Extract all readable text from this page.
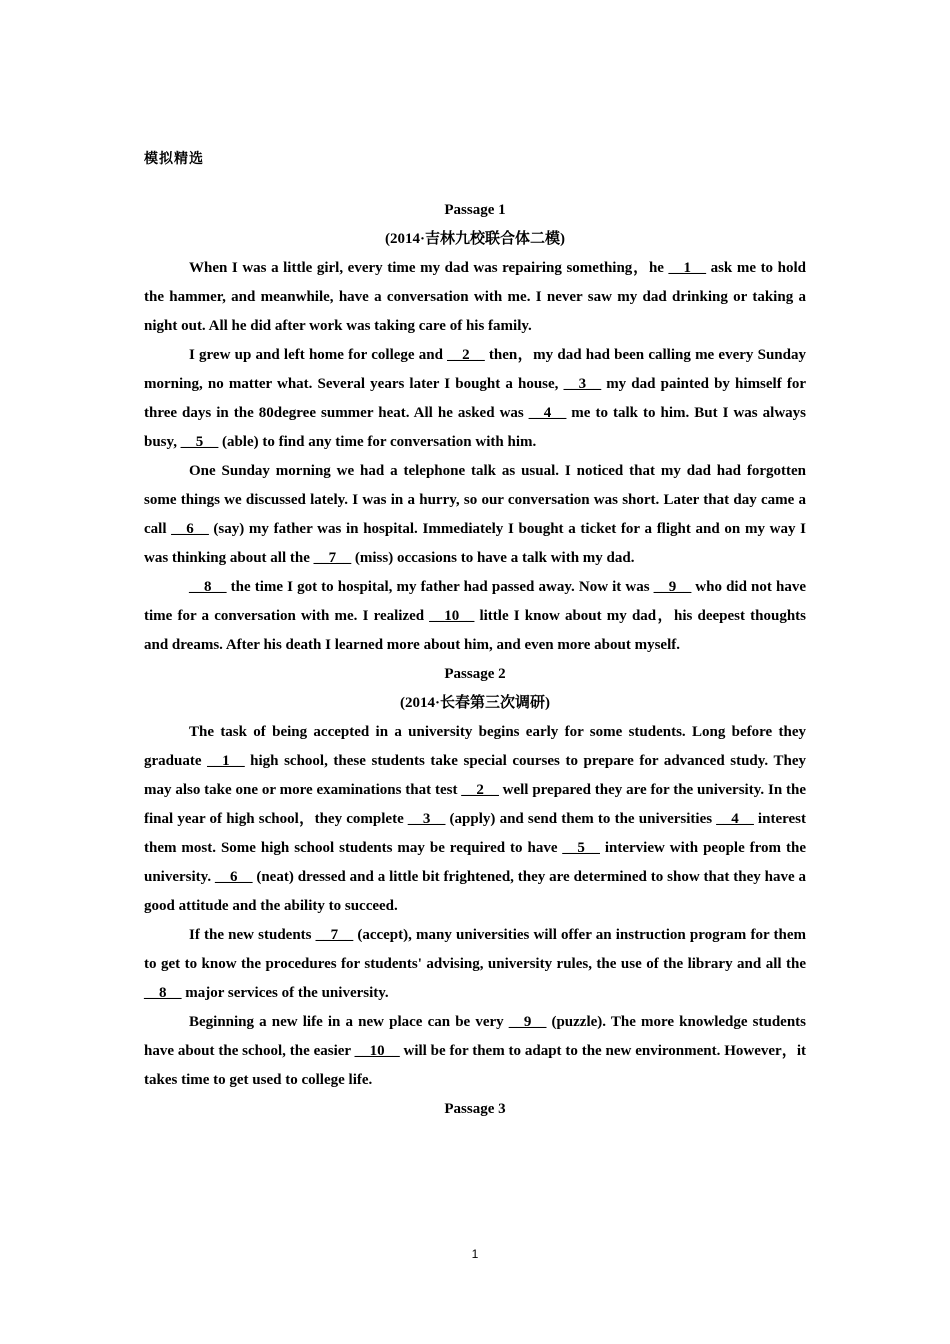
模拟精选

Passage 1

(2014·吉林九校联合体二模)

When I was a little girl, every time my dad was repairing something，he __1__ ask me to hold the hammer, and meanwhile, have a conversation with me. I never saw my dad drinking or taking a night out. All he did after work was taking care of his family.

I grew up and left home for college and __2__ then，my dad had been calling me every Sunday morning, no matter what. Several years later I bought a house, __3__ my dad painted by himself for three days in the 80degree summer heat. All he asked was __4__ me to talk to him. But I was always busy, __5__ (able) to find any time for conversation with him.

One Sunday morning we had a telephone talk as usual. I noticed that my dad had forgotten some things we discussed lately. I was in a hurry, so our conversation was short. Later that day came a call __6__ (say) my father was in hospital. Immediately I bought a ticket for a flight and on my way I was thinking about all the __7__ (miss) occasions to have a talk with my dad.

__8__ the time I got to hospital, my father had passed away. Now it was __9__ who did not have time for a conversation with me. I realized __10__ little I know about my dad，his deepest thoughts and dreams. After his death I learned more about him, and even more about myself.

Passage 2

(2014·长春第三次调研)

The task of being accepted in a university begins early for some students. Long before they graduate __1__ high school, these students take special courses to prepare for advanced study. They may also take one or more examinations that test __2__ well prepared they are for the university. In the final year of high school，they complete __3__ (apply) and send them to the universities __4__ interest them most. Some high school students may be required to have __5__ interview with people from the university. __6__ (neat) dressed and a little bit frightened, they are determined to show that they have a good attitude and the ability to succeed.

If the new students __7__ (accept), many universities will offer an instruction program for them to get to know the procedures for students' advising, university rules, the use of the library and all the __8__ major services of the university.

Beginning a new life in a new place can be very __9__ (puzzle). The more knowledge students have about the school, the easier __10__ will be for them to adapt to the new environment. However，it takes time to get used to college life.

Passage 3

1
